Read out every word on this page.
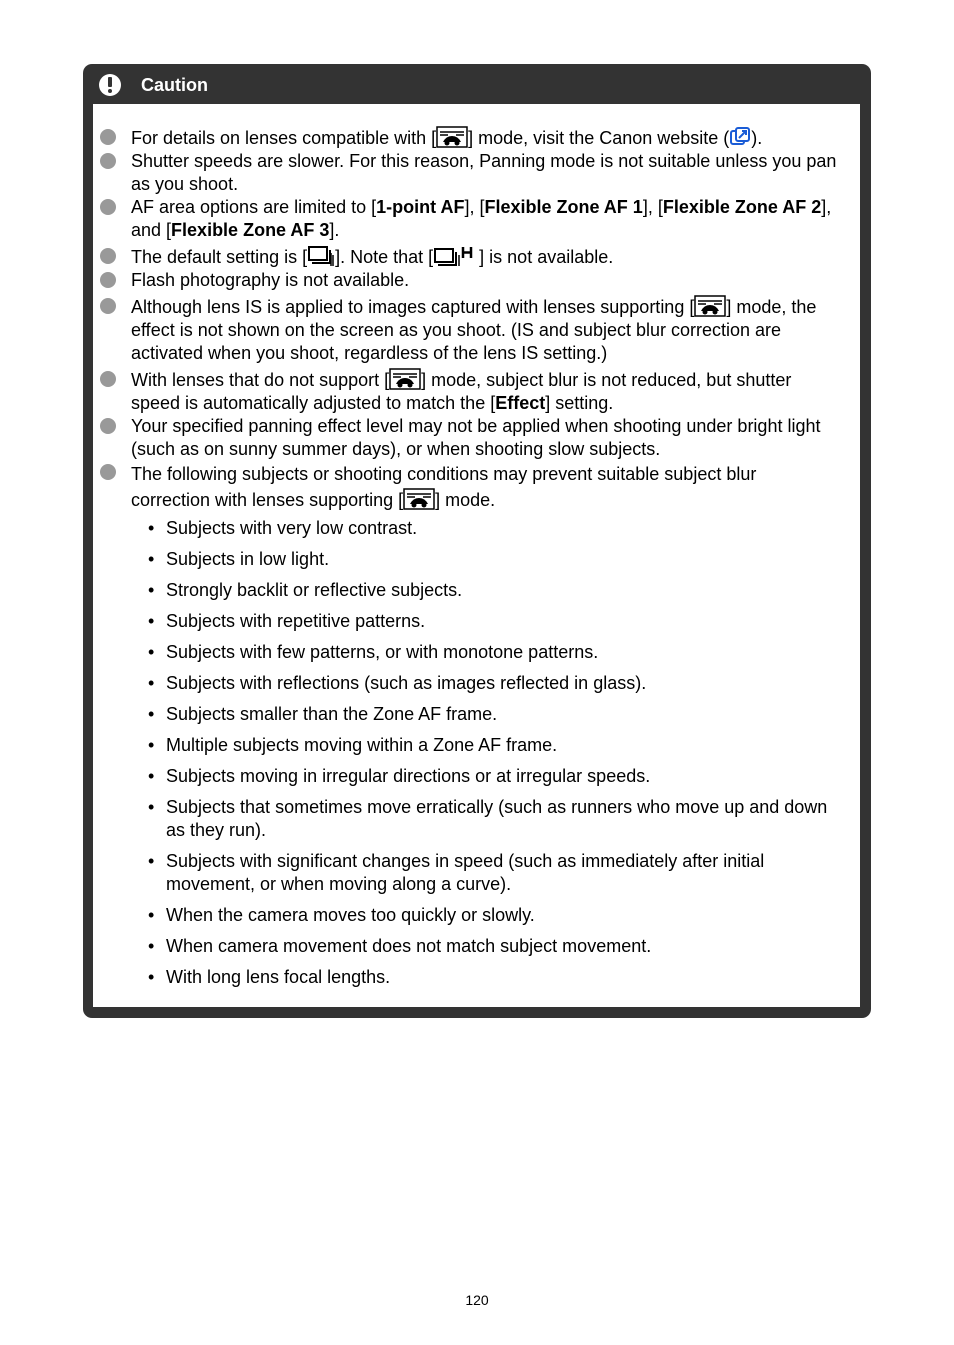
Caution
For details on lenses compatible with [ ] mode, visit the Canon website ( ).
Shutter speeds are slower. For this reason, Panning mode is not suitable unless you pan as you shoot.
AF area options are limited to [1-point AF], [Flexible Zone AF 1], [Flexible Zone AF 2], and [Flexible Zone AF 3].
The default setting is [ ]. Note that [	] is not available.
Flash photography is not available.
Although lens IS is applied to images captured with lenses supporting [ ] mode, the effect is not shown on the screen as you shoot. (IS and subject blur correction are activated when you shoot, regardless of the lens IS setting.)
With lenses that do not support [ ] mode, subject blur is not reduced, but shutter speed is automatically adjusted to match the [Effect] setting.
Your specified panning effect level may not be applied when shooting under bright light (such as on sunny summer days), or when shooting slow subjects.
The following subjects or shooting conditions may prevent suitable subject blur correction with lenses supporting [ ] mode.
• Subjects with very low contrast.
• Subjects in low light.
• Strongly backlit or reflective subjects.
• Subjects with repetitive patterns.
• Subjects with few patterns, or with monotone patterns.
• Subjects with reflections (such as images reflected in glass).
• Subjects smaller than the Zone AF frame.
• Multiple subjects moving within a Zone AF frame.
• Subjects moving in irregular directions or at irregular speeds.
• Subjects that sometimes move erratically (such as runners who move up and down as they run).
• Subjects with significant changes in speed (such as immediately after initial movement, or when moving along a curve).
• When the camera moves too quickly or slowly.
• When camera movement does not match subject movement.
• With long lens focal lengths.
120
